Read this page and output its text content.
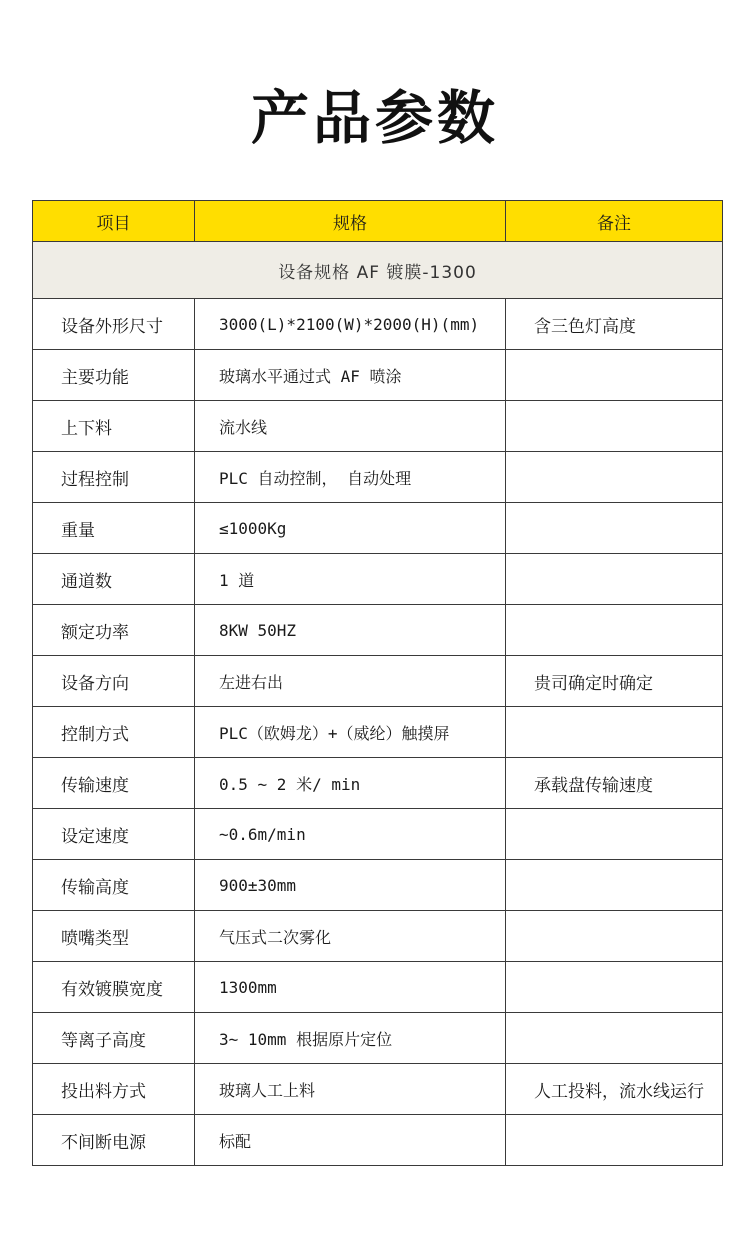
产品参数
项目	规格	备注
设备规格 AF 镀膜-1300		
设备外形尺寸	3000(L)*2100(W)*2000(H)(mm)	含三色灯高度
主要功能	玻璃水平通过式 AF 喷涂	
上下料	流水线	
过程控制	PLC 自动控制， 自动处理	
重量	≤1000Kg	
通道数	1 道	
额定功率	8KW 50HZ	
设备方向	左进右出	贵司确定时确定
控制方式	PLC（欧姆龙）+（威纶）触摸屏	
传输速度	0.5 ~ 2 米/ min	承载盘传输速度
设定速度	~0.6m/min	
传输高度	900±30mm	
喷嘴类型	气压式二次雾化	
有效镀膜宽度	1300mm	
等离子高度	3~ 10mm 根据原片定位	
投出料方式	玻璃人工上料	人工投料，流水线运行
不间断电源	标配	
